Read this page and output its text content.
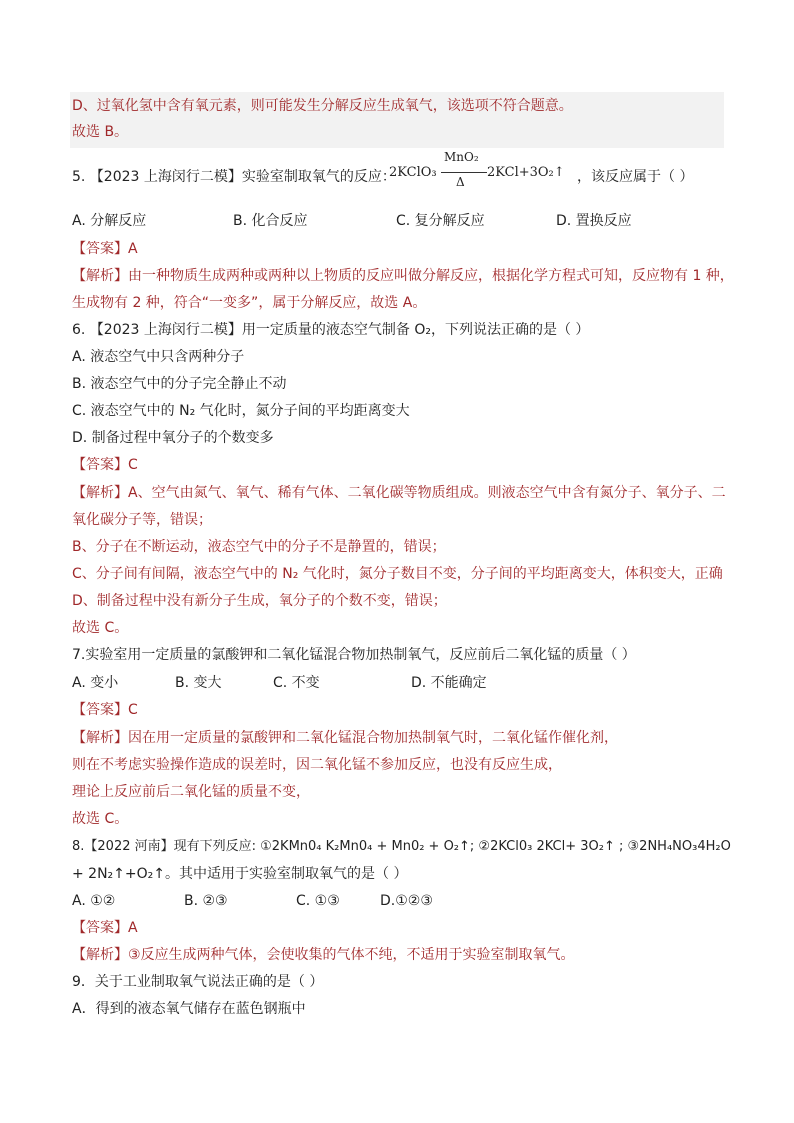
D、过氧化氢中含有氧元素，则可能发生分解反应生成氧气，该选项不符合题意。
故选 B。
5. 【2023 上海闵行二模】实验室制取氧气的反应：
2KClO₃
MnO₂
Δ
2KCl+3O₂↑ ，该反应属于（ ）
A. 分解反应	B. 化合反应	C. 复分解反应	D. 置换反应
【答案】A
【解析】由一种物质生成两种或两种以上物质的反应叫做分解反应，根据化学方程式可知，反应物有 1 种，
生成物有 2 种，符合“一变多”，属于分解反应，故选 A。
6. 【2023 上海闵行二模】用一定质量的液态空气制备 O₂，下列说法正确的是（ ）
A. 液态空气中只含两种分子
B. 液态空气中的分子完全静止不动
C. 液态空气中的 N₂ 气化时，氮分子间的平均距离变大
D. 制备过程中氧分子的个数变多
【答案】C
【解析】A、空气由氮气、氧气、稀有气体、二氧化碳等物质组成。则液态空气中含有氮分子、氧分子、二
氧化碳分子等，错误；
B、分子在不断运动，液态空气中的分子不是静置的，错误；
C、分子间有间隔，液态空气中的 N₂ 气化时，氮分子数目不变，分子间的平均距离变大，体积变大，正确
D、制备过程中没有新分子生成，氧分子的个数不变，错误；
故选 C。
7.实验室用一定质量的氯酸钾和二氧化锰混合物加热制氧气，反应前后二氧化锰的质量（ ）
A. 变小	B. 变大	C. 不变	D. 不能确定
【答案】C
【解析】因在用一定质量的氯酸钾和二氧化锰混合物加热制氧气时，二氧化锰作催化剂，
则在不考虑实验操作造成的误差时，因二氧化锰不参加反应，也没有反应生成，
理论上反应前后二氧化锰的质量不变，
故选 C。
8.【2022 河南】现有下列反应: ①2KMn0₄ K₂Mn0₄ + Mn0₂ + O₂↑; ②2KCl0₃ 2KCl+ 3O₂↑ ; ③2NH₄NO₃4H₂O
+ 2N₂↑+O₂↑。其中适用于实验室制取氧气的是（ ）
A. ①②	B. ②③	C. ①③	D.①②③
【答案】A
【解析】③反应生成两种气体，会使收集的气体不纯，不适用于实验室制取氧气。
9．关于工业制取氧气说法正确的是（ ）
A．得到的液态氧气储存在蓝色钢瓶中
